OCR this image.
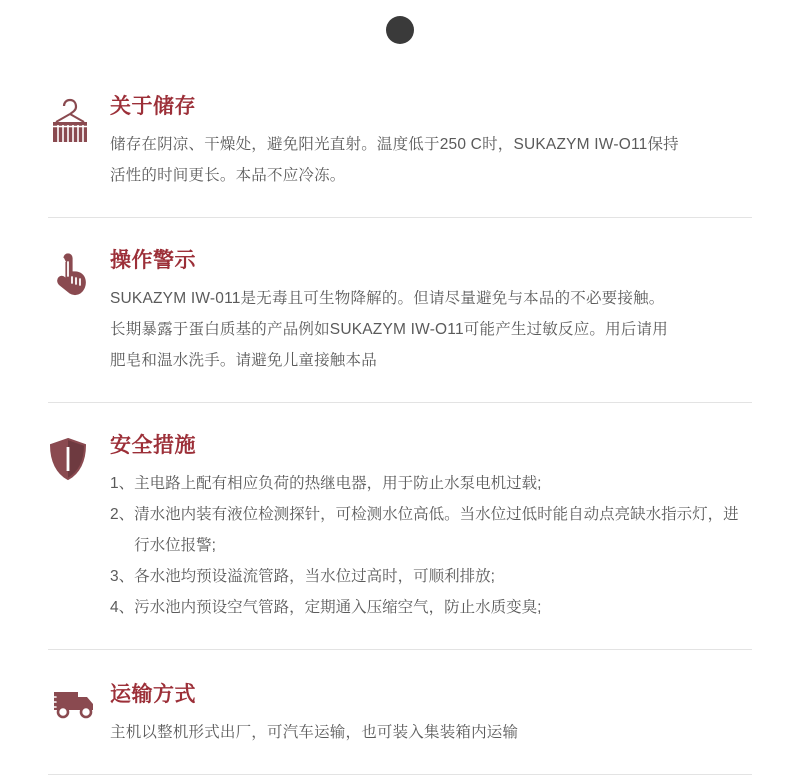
关于储存

储存在阴凉、干燥处，避免阳光直射。温度低于250 C时，SUKAZYM IW-O11保持

活性的时间更长。本品不应冷冻。

操作警示

SUKAZYM IW-011是无毒且可生物降解的。但请尽量避免与本品的不必要接触。

长期暴露于蛋白质基的产品例如SUKAZYM IW-O11可能产生过敏反应。用后请用

肥皂和温水洗手。请避免儿童接触本品

安全措施
1、 主电路上配有相应负荷的热继电器，用于防止水泵电机过载;
2、 清水池内装有液位检测探针，可检测水位高低。当水位过低时能自动点亮缺水指示灯，进行水位报警;
3、 各水池均预设溢流管路，当水位过高时，可顺利排放;
4、 污水池内预设空气管路，定期通入压缩空气，防止水质变臭;
运输方式

主机以整机形式出厂，可汽车运输，也可装入集装箱内运输
